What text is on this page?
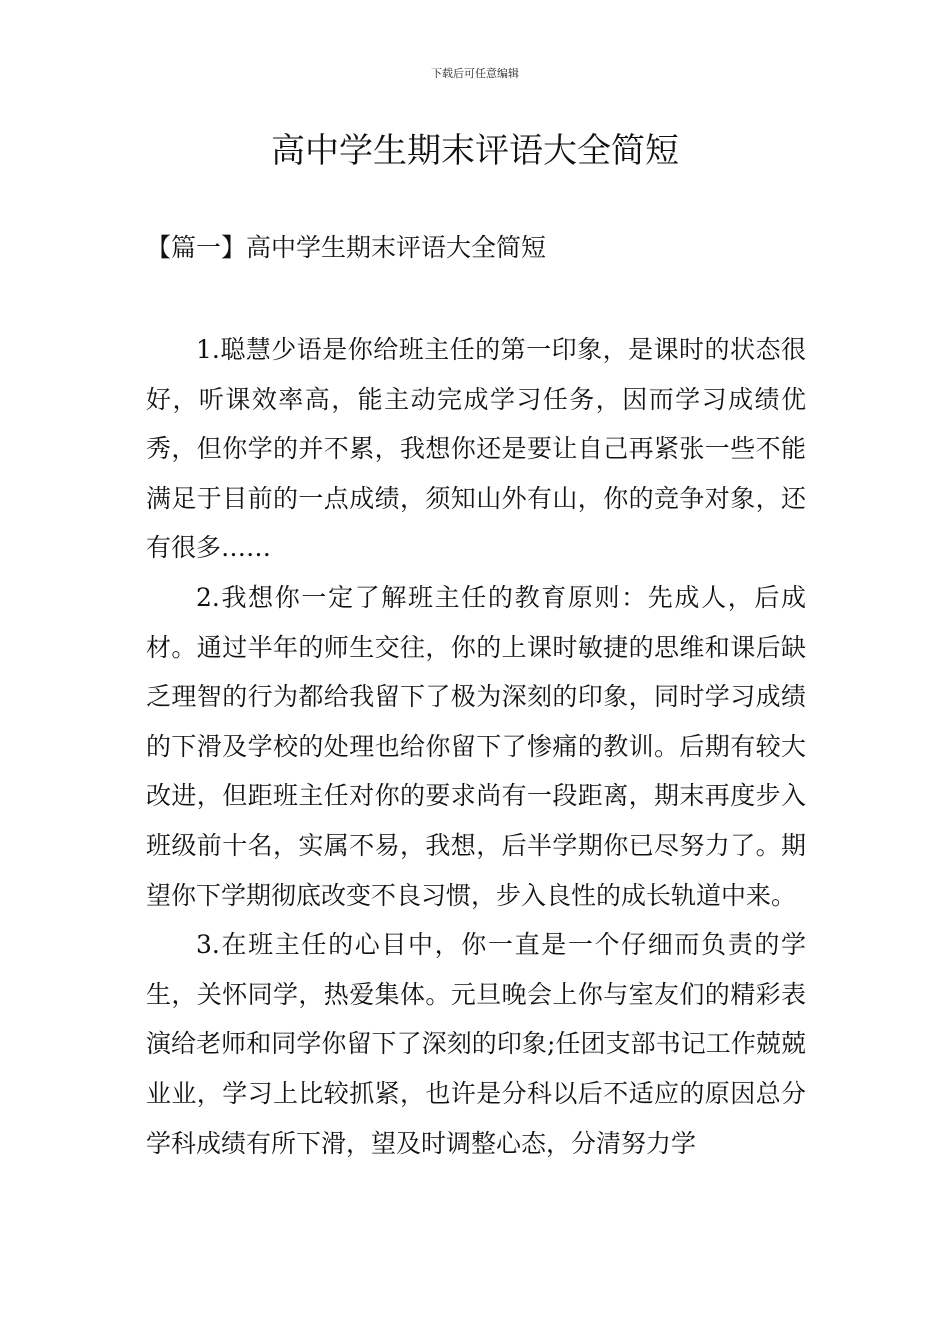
下载后可任意编辑
高中学生期末评语大全简短
【篇一】高中学生期末评语大全简短

1.聪慧少语是你给班主任的第一印象，是课时的状态很好，听课效率高，能主动完成学习任务，因而学习成绩优秀，但你学的并不累，我想你还是要让自己再紧张一些不能满足于目前的一点成绩，须知山外有山，你的竞争对象，还有很多……

2.我想你一定了解班主任的教育原则：先成人，后成材。通过半年的师生交往，你的上课时敏捷的思维和课后缺乏理智的行为都给我留下了极为深刻的印象，同时学习成绩的下滑及学校的处理也给你留下了惨痛的教训。后期有较大改进，但距班主任对你的要求尚有一段距离，期末再度步入班级前十名，实属不易，我想，后半学期你已尽努力了。期望你下学期彻底改变不良习惯，步入良性的成长轨道中来。

3.在班主任的心目中，你一直是一个仔细而负责的学生，关怀同学，热爱集体。元旦晚会上你与室友们的精彩表演给老师和同学你留下了深刻的印象;任团支部书记工作兢兢业业，学习上比较抓紧，也许是分科以后不适应的原因总分学科成绩有所下滑，望及时调整心态，分清努力学
